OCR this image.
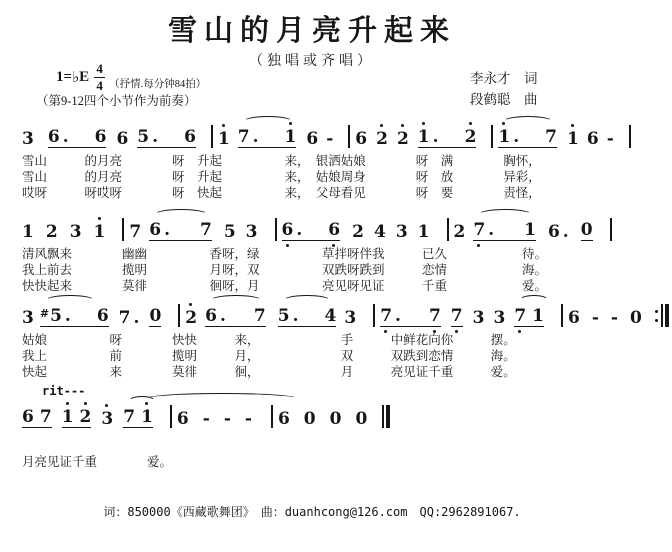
雪山的月亮升起来
（独唱或齐唱）
1= ♭ E
4
4 （抒情.每分钟84拍）
（第9-12四个小节作为前奏）
李永才　词
段鹤聪　曲
rit---
3 6 . 6 6 5 . 6 1 7 . 1 6 - 6 2 2 1 . 2 1 . 7 1 6 -
雪山　　　的月亮　　　　呀　升起　　　　　来，　银洒姑娘　　　　呀　满　　　　胸怀，
雪山　　　的月亮　　　　呀　升起　　　　　来，　姑娘周身　　　　呀　放　　　　异彩，
哎呀　　　呀哎呀　　　　呀　快起　　　　　来，　父母看见　　　　呀　要　　　　责怪，
1 2 3 1 7 6 . 7 5 3 6 . 6 2 4 3 1 2 7 . 1 6 . 0
清风飘来　　　　幽幽　　　　　香呀，绿　　　　　草拌呀伴我　　　已久　　　　　　待。
我上前去　　　　揽明　　　　　月呀，双　　　　　双跌呀跌到　　　恋情　　　　　　海。
快快起来　　　　莫徘　　　　　徊呀，月　　　　　亮见呀见证　　　千重　　　　　　爱。
3 # 5 . 6 7 . 0 2 6 . 7 5 . 4 3 7 . 7 7 3 3 7 1 6 - - 0
姑娘　　　　　呀　　　　快快　　　来，　　　　　　　手　　　中鲜花向你　　　摆。
我上　　　　　前　　　　揽明　　　月，　　　　　　　双　　　双跌到恋情　　　海。
快起　　　　　来　　　　莫徘　　　徊，　　　　　　　月　　　亮见证千重　　　爱。
6 7 1 2 3 7 1 6 - - - 6 0 0 0
月亮见证千重　　　　爱。
词：850000《西藏歌舞团》　曲：duanhcong@126.com　QQ:2962891067.
